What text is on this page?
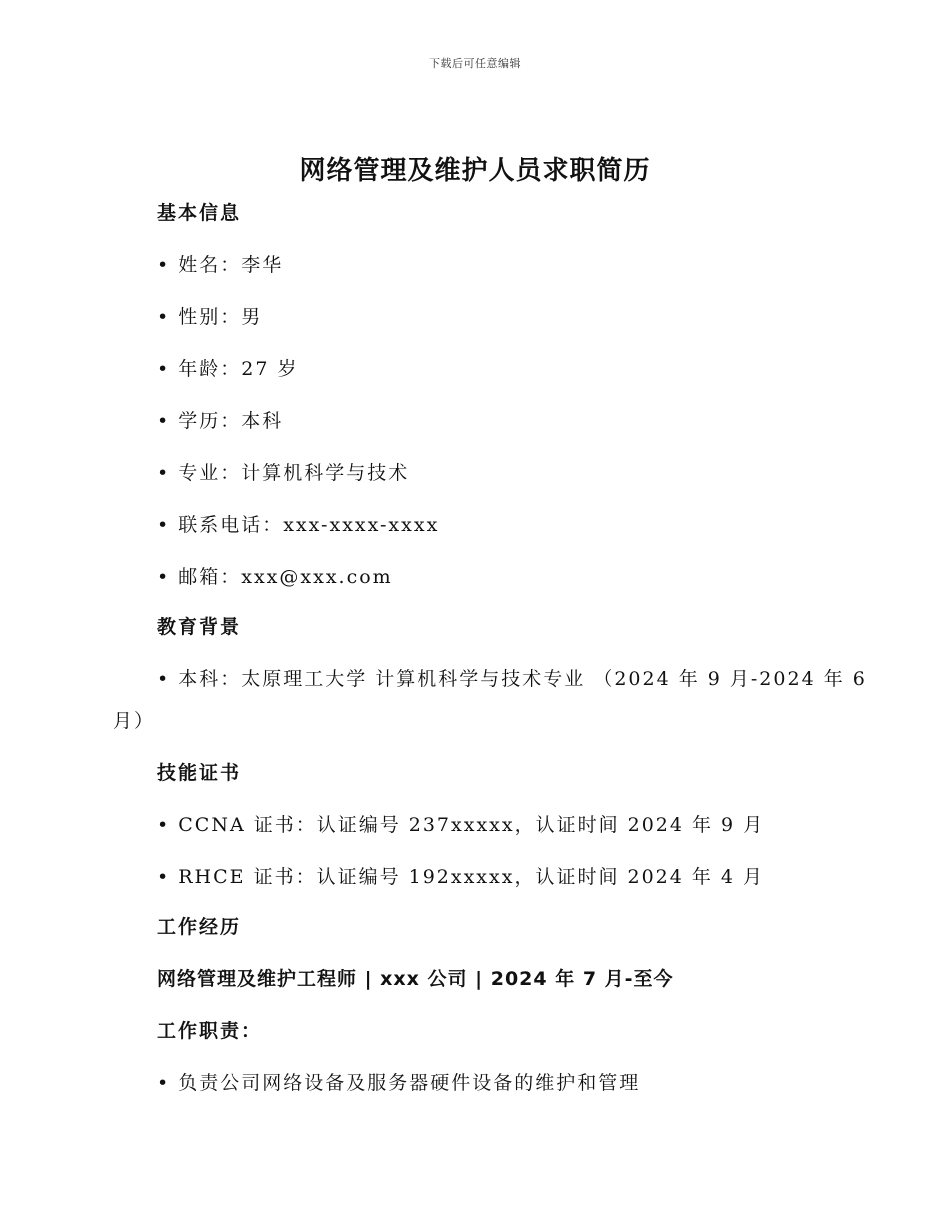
下载后可任意编辑
网络管理及维护人员求职简历
基本信息
• 姓名：李华
• 性别：男
• 年龄：27 岁
• 学历：本科
• 专业：计算机科学与技术
• 联系电话：xxx-xxxx-xxxx
• 邮箱：xxx@xxx.com
教育背景
• 本科：太原理工大学 计算机科学与技术专业 （2024 年 9 月-2024 年 6
月）
技能证书
• CCNA 证书：认证编号 237xxxxx，认证时间 2024 年 9 月
• RHCE 证书：认证编号 192xxxxx，认证时间 2024 年 4 月
工作经历
网络管理及维护工程师 | xxx 公司 | 2024 年 7 月-至今
工作职责：
• 负责公司网络设备及服务器硬件设备的维护和管理
